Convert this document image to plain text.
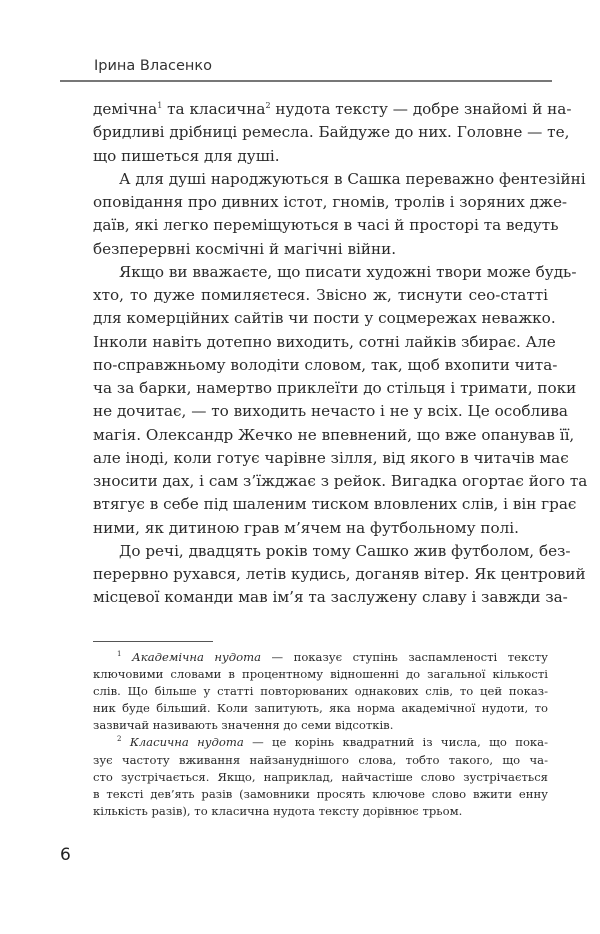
Ірина Власенко
демічна$^1$ та класична$^2$ нудота тексту — добре знайомі й на-
бридливі дрібниці ремесла. Байдуже до них. Головне — те,
що пишеться для душі.
А для душі народжуються в Сашка переважно фентезійні
оповідання про дивних істот, гномів, тролів і зоряних дже-
даїв, які легко переміщуються в часі й просторі та ведуть
безперервні космічні й магічні війни.
Якщо ви вважаєте, що писати художні твори може будь-
хто, то дуже помиляєтеся. Звісно ж, тиснути сео-статті
для комерційних сайтів чи пости у соцмережах неважко.
Інколи навіть дотепно виходить, сотні лайків збирає. Але
по-справжньому володіти словом, так, щоб вхопити чита-
ча за барки, намертво приклеїти до стільця і тримати, поки
не дочитає, — то виходить нечасто і не у всіх. Це особлива
магія. Олександр Жечко не впевнений, що вже опанував її,
але іноді, коли готує чарівне зілля, від якого в читачів має
зносити дах, і сам з’їжджає з рейок. Вигадка огортає його та
втягує в себе під шаленим тиском вловлених слів, і він грає
ними, як дитиною грав м’ячем на футбольному полі.
До речі, двадцять років тому Сашко жив футболом, без-
перервно рухався, летів кудись, доганяв вітер. Як центровий
місцевої команди мав ім’я та заслужену славу і завжди за-
$^1$ Академічна нудота — показує ступінь заспамленості тексту
ключовими словами в процентному відношенні до загальної кількості
слів. Що більше у статті повторюваних однакових слів, то цей показ-
ник буде більший. Коли запитують, яка норма академічної нудоти, то
зазвичай називають значення до семи відсотків.
$^2$ Класична нудота — це корінь квадратний із числа, що пока-
зує частоту вживання найзануднішого слова, тобто такого, що ча-
сто зустрічається. Якщо, наприклад, найчастіше слово зустрічається
в тексті дев’ять разів (замовники просять ключове слово вжити енну
кількість разів), то класична нудота тексту дорівнює трьом.
6
